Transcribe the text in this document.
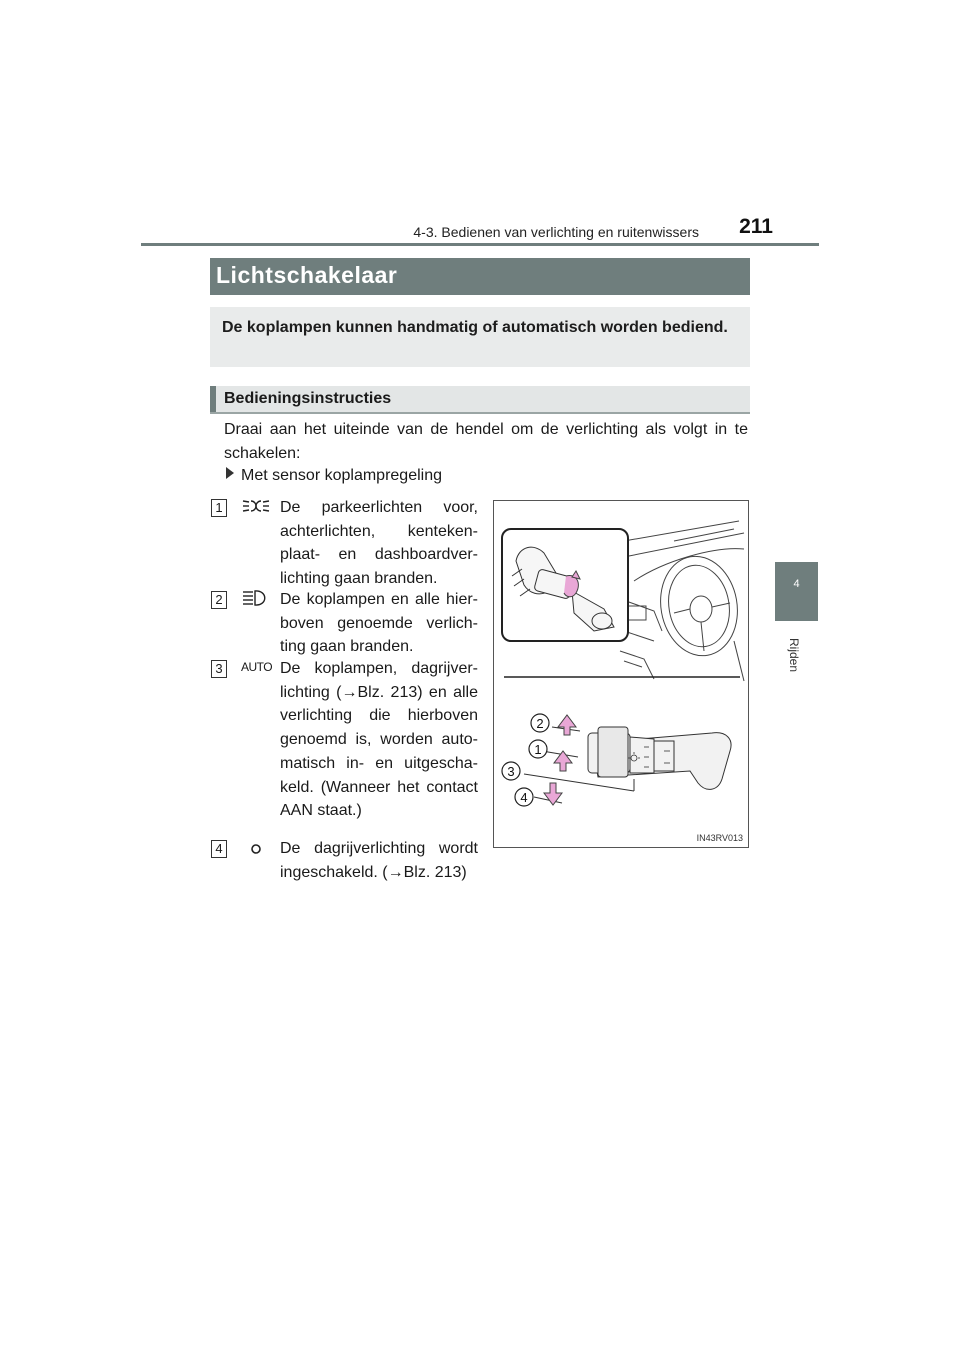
4-3. Bedienen van verlichting en ruitenwissers 211
4
Rijden
Lichtschakelaar

De koplampen kunnen handmatig of automatisch worden bediend.

Bedieningsinstructies

Draai aan het uiteinde van de hendel om de verlichting als volgt in te schakelen:

Met sensor koplampregeling
1	De parkeerlichten voor, achterlichten, kenteken- plaat- en dashboardver- lichting gaan branden.

2	De koplampen en alle hier- boven genoemde verlich- ting gaan branden.

3	AUTO De koplampen, dagrijver- lichting (→Blz. 213) en alle verlichting die hierboven genoemd is, worden auto- matisch in- en uitgescha- keld. (Wanneer het contact AAN staat.)

4	De dagrijverlichting wordt ingeschakeld. (→Blz. 213)

2
1
3
4
IN43RV013
